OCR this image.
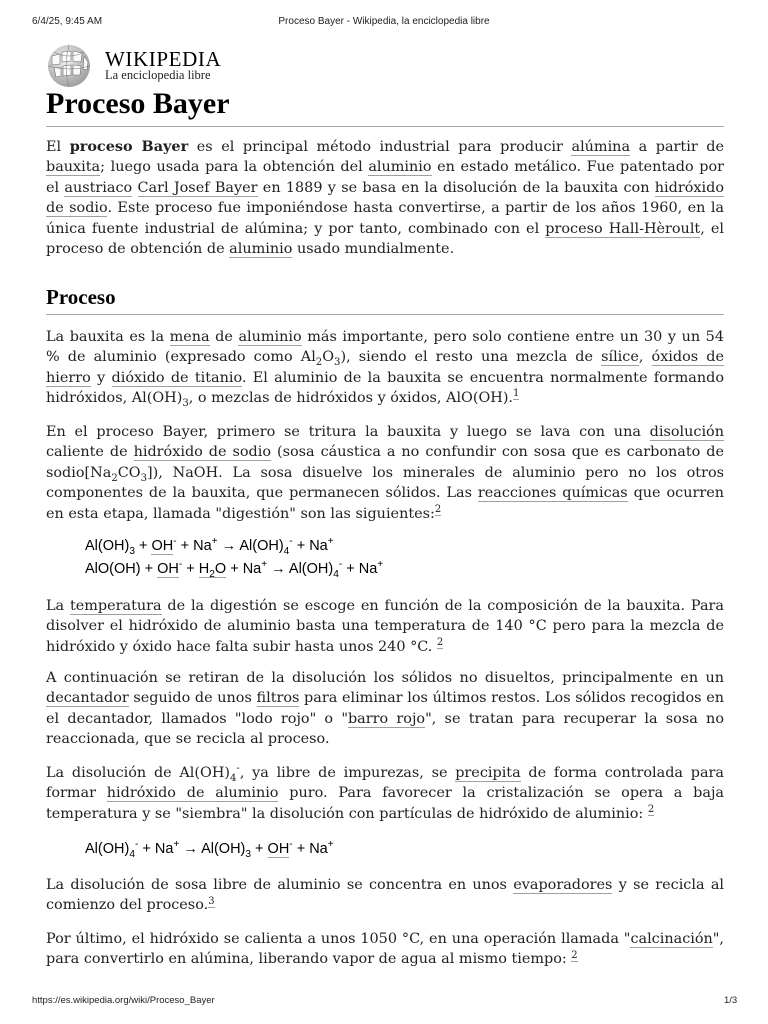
6/4/25, 9:45 AM	Proceso Bayer - Wikipedia, la enciclopedia libre
WIKIPEDIA
La enciclopedia libre
Proceso Bayer

El proceso Bayer es el principal método industrial para producir alúmina a partir de bauxita; luego usada para la obtención del aluminio en estado metálico. Fue patentado por el austriaco Carl Josef Bayer en 1889 y se basa en la disolución de la bauxita con hidróxido de sodio. Este proceso fue imponiéndose hasta convertirse, a partir de los años 1960, en la única fuente industrial de alúmina; y por tanto, combinado con el proceso Hall-Hèroult, el proceso de obtención de aluminio usado mundialmente.

Proceso

La bauxita es la mena de aluminio más importante, pero solo contiene entre un 30 y un 54 % de aluminio (expresado como $Al_2O_3$), siendo el resto una mezcla de sílice, óxidos de hierro y dióxido de titanio. El aluminio de la bauxita se encuentra normalmente formando hidróxidos, $Al(OH)_3$, o mezclas de hidróxidos y óxidos, AlO(OH).$^1$

En el proceso Bayer, primero se tritura la bauxita y luego se lava con una disolución caliente de hidróxido de sodio (sosa cáustica a no confundir con sosa que es carbonato de $sodio[Na_2CO_3]$), NaOH. La sosa disuelve los minerales de aluminio pero no los otros componentes de la bauxita, que permanecen sólidos. Las reacciones químicas que ocurren en esta etapa, llamada "digestión" son las siguientes:$^2$

$Al(OH)_3 + OH^- + Na^+ \to Al(OH)_4^- + Na^+$
$AlO(OH) + OH^- + H_2O + Na^+ \to Al(OH)_4^- + Na^+$

La temperatura de la digestión se escoge en función de la composición de la bauxita. Para disolver el hidróxido de aluminio basta una temperatura de 140 °C pero para la mezcla de hidróxido y óxido hace falta subir hasta unos 240 °C. $^2$

A continuación se retiran de la disolución los sólidos no disueltos, principalmente en un decantador seguido de unos filtros para eliminar los últimos restos. Los sólidos recogidos en el decantador, llamados "lodo rojo" o "barro rojo", se tratan para recuperar la sosa no reaccionada, que se recicla al proceso.

La disolución de $Al(OH)_4^-$, ya libre de impurezas, se precipita de forma controlada para formar hidróxido de aluminio puro. Para favorecer la cristalización se opera a baja temperatura y se "siembra" la disolución con partículas de hidróxido de aluminio: $^2$

$Al(OH)_4^- + Na^+ \to Al(OH)_3 + OH^- + Na^+$

La disolución de sosa libre de aluminio se concentra en unos evaporadores y se recicla al comienzo del proceso.$^3$

Por último, el hidróxido se calienta a unos 1050 °C, en una operación llamada "calcinación", para convertirlo en alúmina, liberando vapor de agua al mismo tiempo: $^2$

https://es.wikipedia.org/wiki/Proceso_Bayer	1/3
